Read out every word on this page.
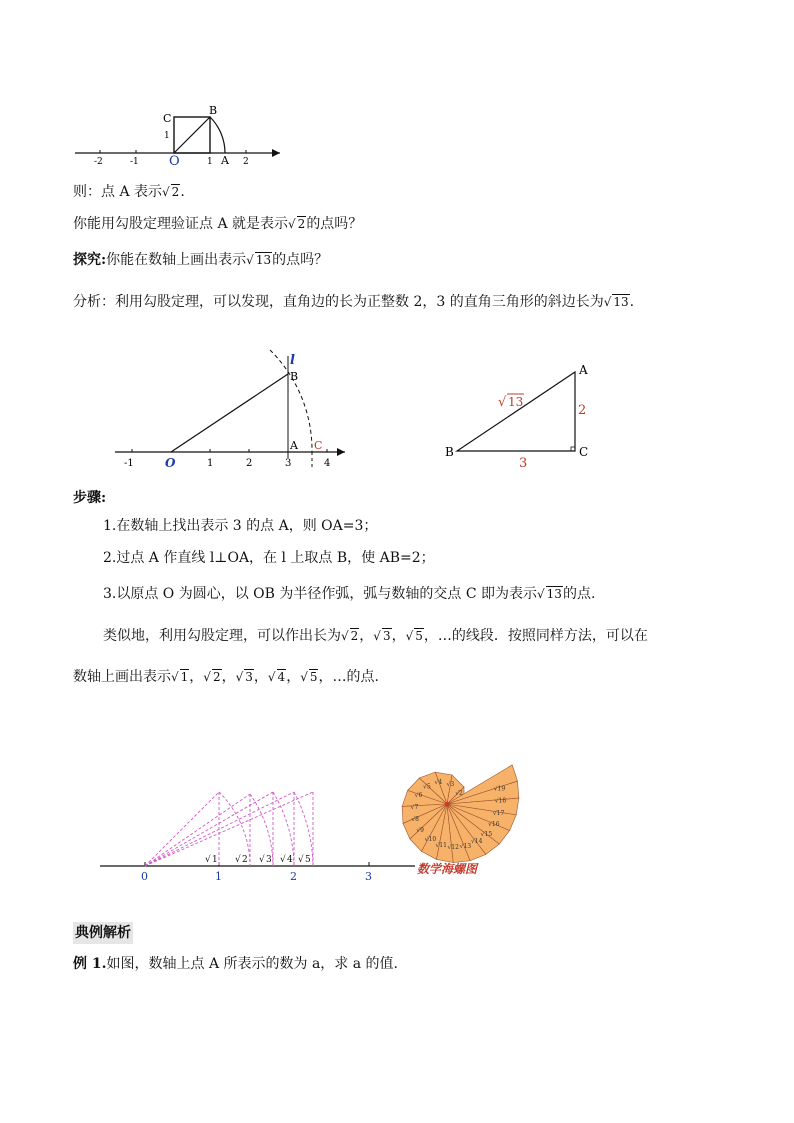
-2	-1 O	1 A 2
C
B
1
则：点 A 表示√ 2.
你能用勾股定理验证点 A 就是表示√ 2的点吗？
探究:你能在数轴上画出表示√ 13的点吗？
分析：利用勾股定理，可以发现，直角边的长为正整数 2，3 的直角三角形的斜边长为√ 13.
-1	O	1	2	3	4
l
B
A C
A
B	C
√ 13
2
3
步骤:
1.在数轴上找出表示 3 的点 A，则 OA=3；
2.过点 A 作直线 l⊥OA，在 l 上取点 B，使 AB=2；
3.以原点 O 为圆心，以 OB 为半径作弧，弧与数轴的交点 C 即为表示√ 13的点.
类似地，利用勾股定理，可以作出长为√ 2，√ 3，√ 5，…的线段．按照同样方法，可以在
数轴上画出表示√ 1，√ 2，√ 3，√ 4，√ 5，…的点.
0	1	2	3
√ 1 √ 2 √ 3 √ 4 √ 5
√2
√3
√4
√5
√6
√7
√8
√9
√10
√11 √12 √13
√14
√15
√16
√17
√18
√19
数学海螺图
典例解析
例 1.如图，数轴上点 A 所表示的数为 a，求 a 的值.
